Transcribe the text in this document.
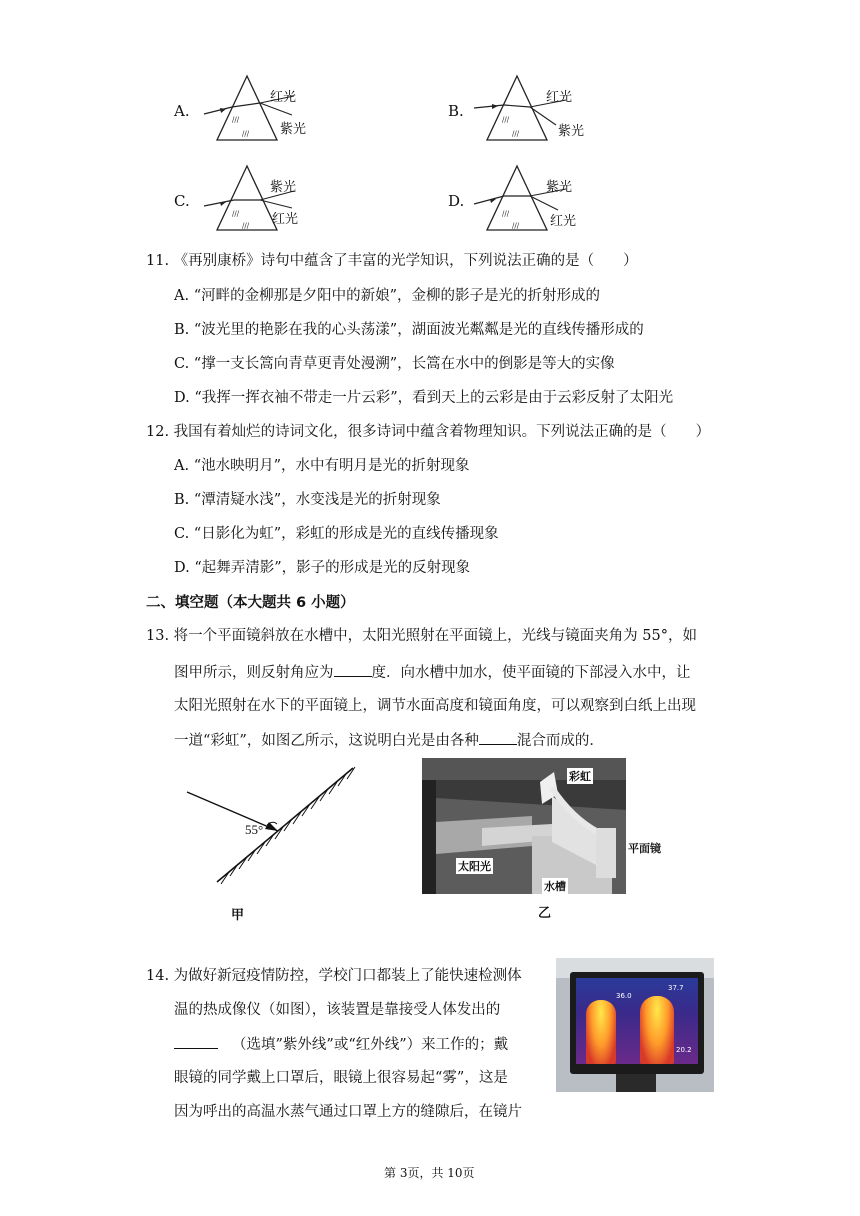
A.	///
///
红光
紫光
B.	///
///
红光
紫光
C.
///
///
紫光
红光
D.
///
///
紫光
红光
11. 《再别康桥》诗句中蕴含了丰富的光学知识，下列说法正确的是（　　）
A. “河畔的金柳那是夕阳中的新娘”，金柳的影子是光的折射形成的
B. “波光里的艳影在我的心头荡漾”，湖面波光粼粼是光的直线传播形成的
C. “撑一支长篙向青草更青处漫溯”，长篙在水中的倒影是等大的实像
D. “我挥一挥衣袖不带走一片云彩”，看到天上的云彩是由于云彩反射了太阳光
12. 我国有着灿烂的诗词文化，很多诗词中蕴含着物理知识。下列说法正确的是（　　）
A. “池水映明月”，水中有明月是光的折射现象
B. “潭清疑水浅”，水变浅是光的折射现象
C. “日影化为虹”，彩虹的形成是光的直线传播现象
D. “起舞弄清影”，影子的形成是光的反射现象
二、填空题（本大题共 6 小题）
13. 将一个平面镜斜放在水槽中，太阳光照射在平面镜上，光线与镜面夹角为 55°，如
图甲所示，则反射角应为	度．向水槽中加水，使平面镜的下部浸入水中，让
太阳光照射在水下的平面镜上，调节水面高度和镜面角度，可以观察到白纸上出现
一道“彩虹”，如图乙所示，这说明白光是由各种	混合而成的．
55°
甲
彩虹
平面镜
太阳光
水槽
乙
14. 为做好新冠疫情防控，学校门口都装上了能快速检测体
温的热成像仪（如图），该装置是靠接受人体发出的
（选填”紫外线”或“红外线”）来工作的；戴
眼镜的同学戴上口罩后，眼镜上很容易起“雾”，这是
因为呼出的高温水蒸气通过口罩上方的缝隙后，在镜片
37.7
36.0
20.2
第 3页，共 10页
